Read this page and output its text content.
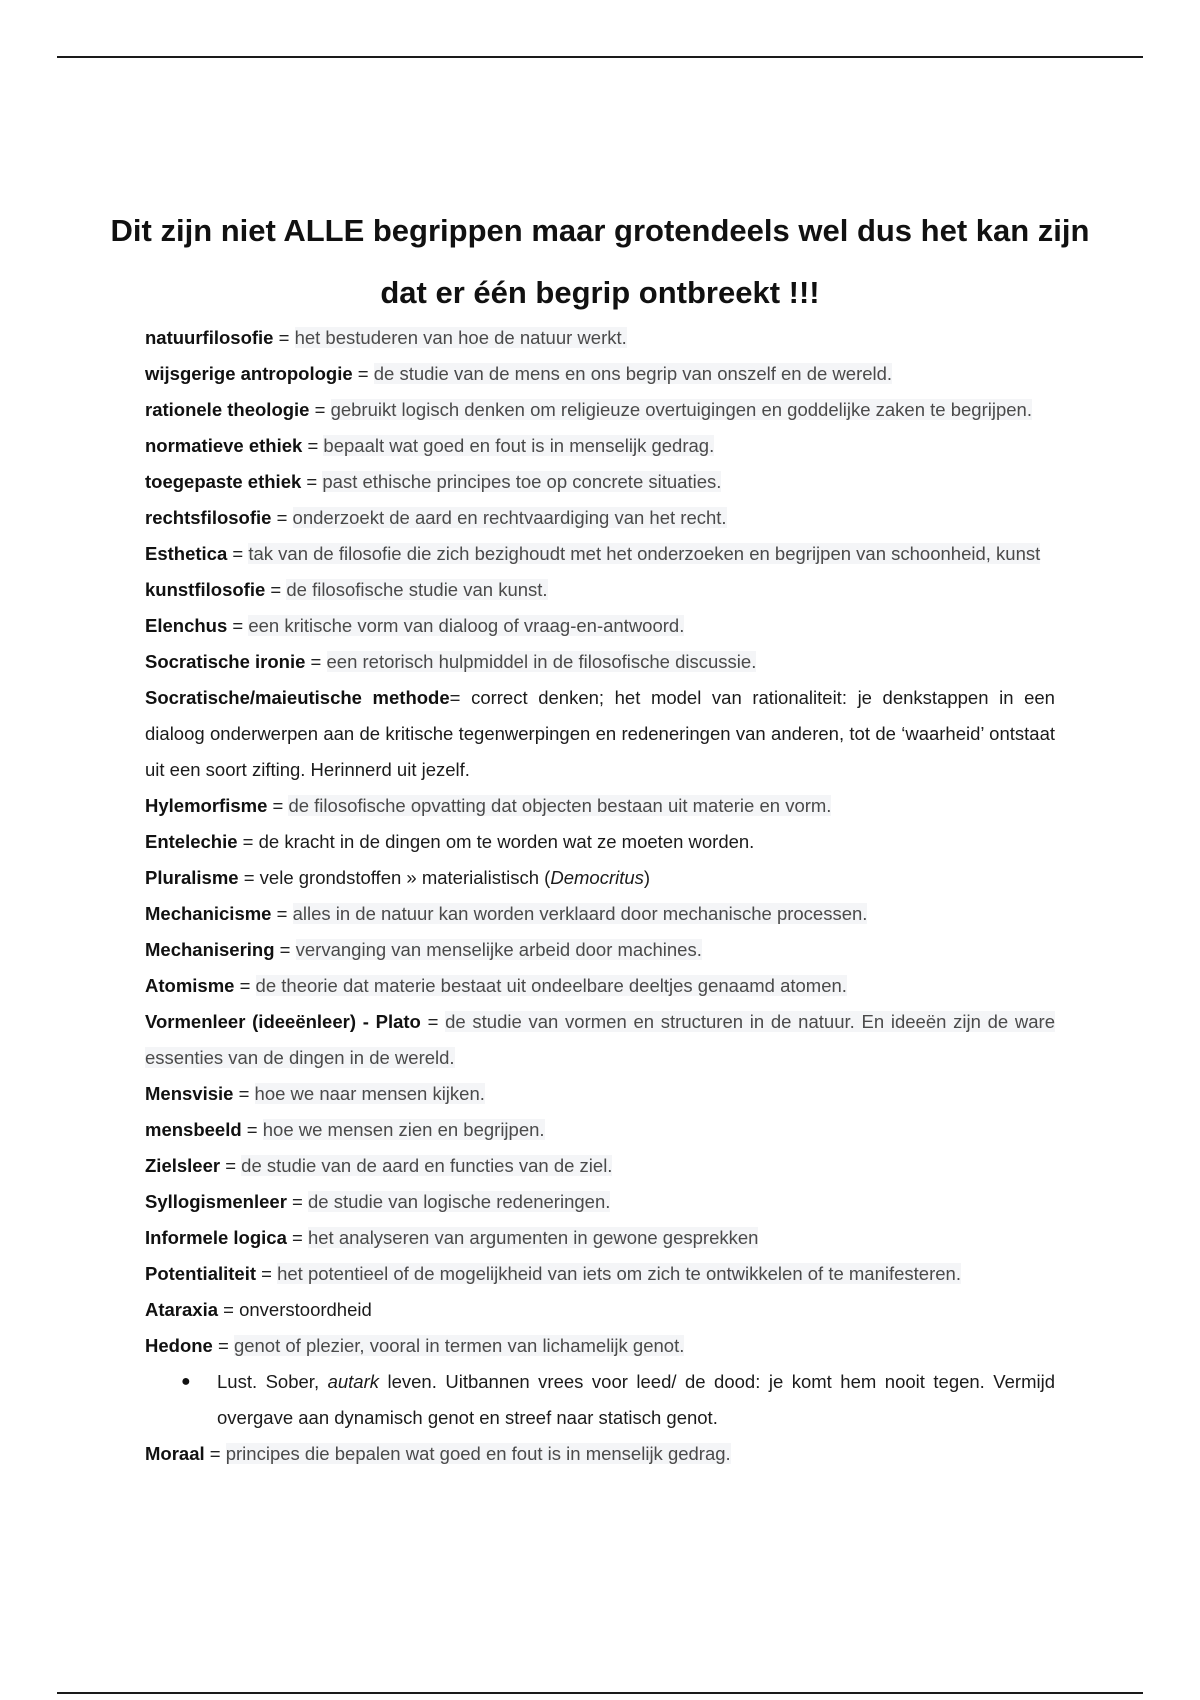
Dit zijn niet ALLE begrippen maar grotendeels wel dus het kan zijn dat er één begrip ontbreekt !!!

natuurfilosofie = het bestuderen van hoe de natuur werkt.

wijsgerige antropologie = de studie van de mens en ons begrip van onszelf en de wereld.

rationele theologie = gebruikt logisch denken om religieuze overtuigingen en goddelijke zaken te begrijpen.

normatieve ethiek = bepaalt wat goed en fout is in menselijk gedrag.

toegepaste ethiek = past ethische principes toe op concrete situaties.

rechtsfilosofie = onderzoekt de aard en rechtvaardiging van het recht.

Esthetica = tak van de filosofie die zich bezighoudt met het onderzoeken en begrijpen van schoonheid, kunst

kunstfilosofie = de filosofische studie van kunst.

Elenchus = een kritische vorm van dialoog of vraag-en-antwoord.

Socratische ironie = een retorisch hulpmiddel in de filosofische discussie.

Socratische/maieutische methode= correct denken; het model van rationaliteit: je denkstappen in een dialoog onderwerpen aan de kritische tegenwerpingen en redeneringen van anderen, tot de ‘waarheid’ ontstaat uit een soort zifting. Herinnerd uit jezelf.

Hylemorfisme = de filosofische opvatting dat objecten bestaan uit materie en vorm.

Entelechie = de kracht in de dingen om te worden wat ze moeten worden.

Pluralisme = vele grondstoffen » materialistisch (Democritus)

Mechanicisme = alles in de natuur kan worden verklaard door mechanische processen.

Mechanisering = vervanging van menselijke arbeid door machines.

Atomisme = de theorie dat materie bestaat uit ondeelbare deeltjes genaamd atomen.

Vormenleer (ideeënleer) - Plato = de studie van vormen en structuren in de natuur. En ideeën zijn de ware essenties van de dingen in de wereld.

Mensvisie = hoe we naar mensen kijken.

mensbeeld = hoe we mensen zien en begrijpen.

Zielsleer = de studie van de aard en functies van de ziel.

Syllogismenleer = de studie van logische redeneringen.

Informele logica = het analyseren van argumenten in gewone gesprekken

Potentialiteit = het potentieel of de mogelijkheid van iets om zich te ontwikkelen of te manifesteren.

Ataraxia = onverstoordheid

Hedone = genot of plezier, vooral in termen van lichamelijk genot.

● Lust. Sober, autark leven. Uitbannen vrees voor leed/ de dood: je komt hem nooit tegen. Vermijd overgave aan dynamisch genot en streef naar statisch genot.

Moraal = principes die bepalen wat goed en fout is in menselijk gedrag.
